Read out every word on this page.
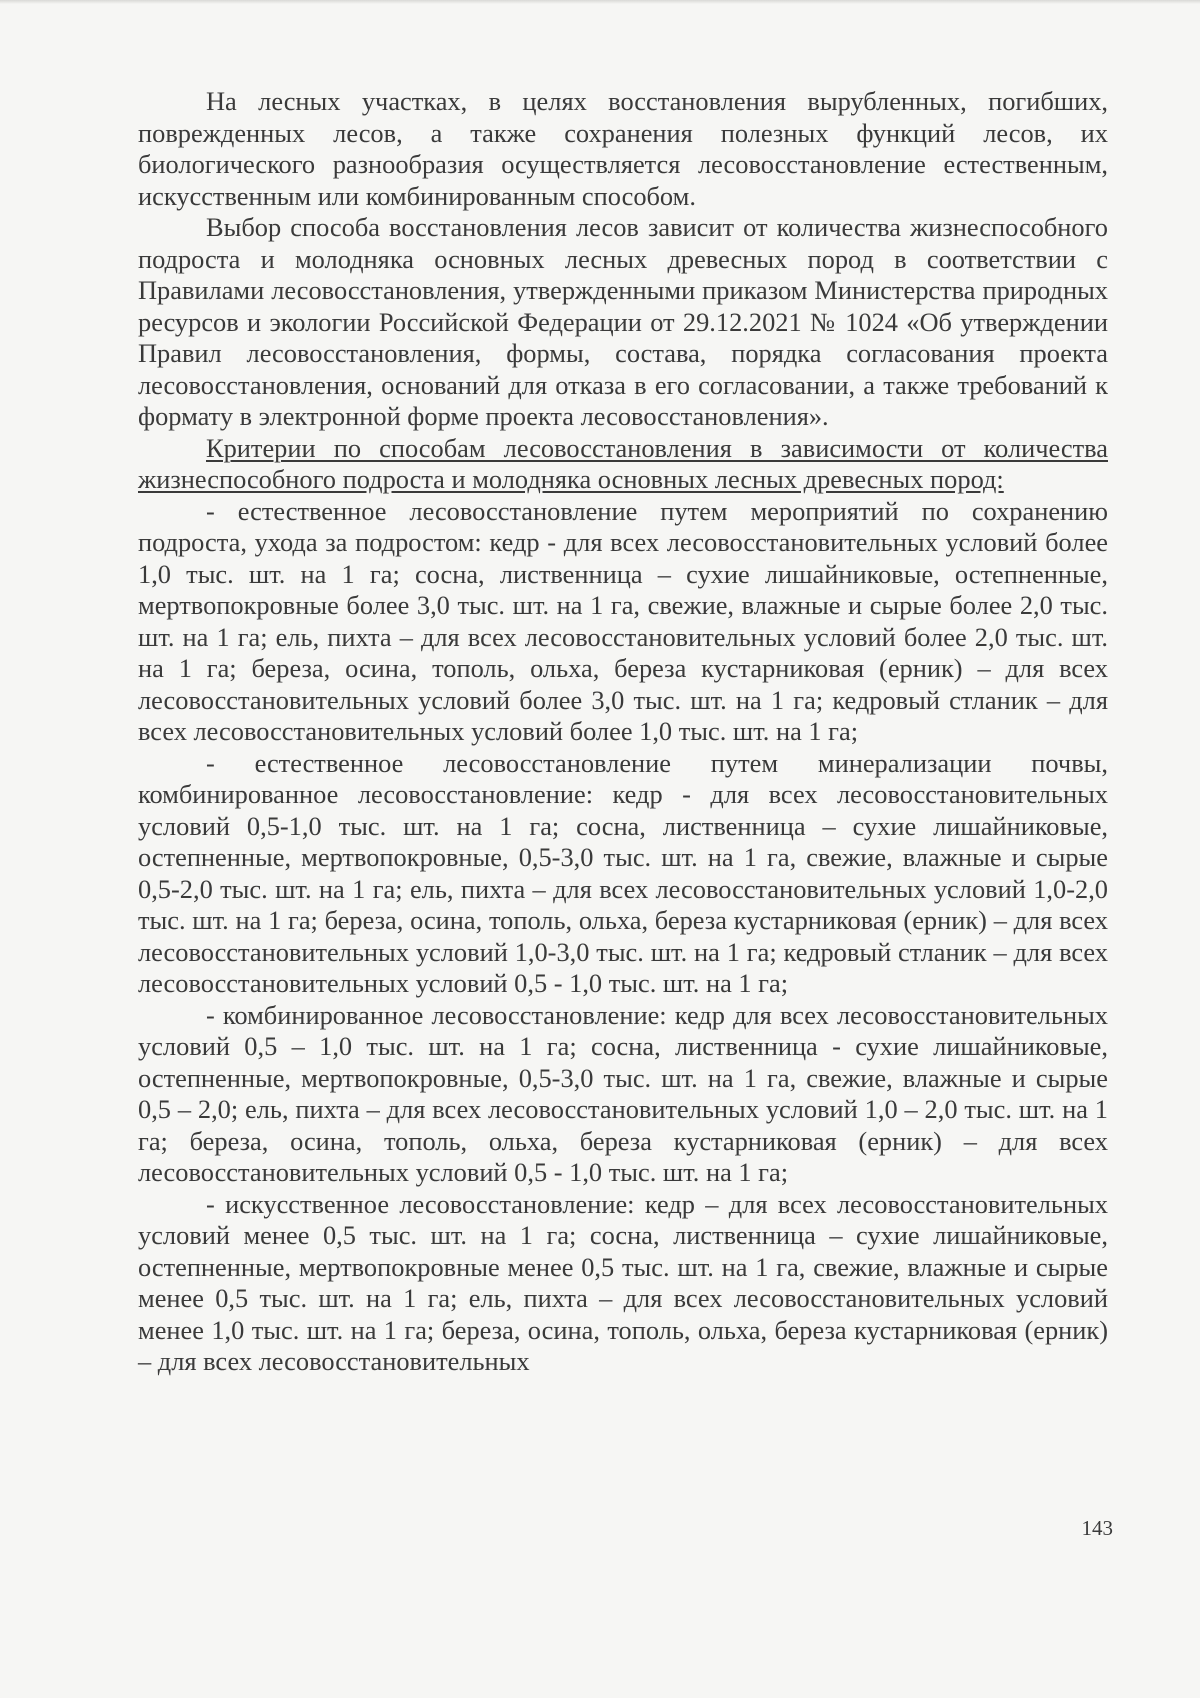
На лесных участках, в целях восстановления вырубленных, погибших, поврежденных лесов, а также сохранения полезных функций лесов, их биологического разнообразия осуществляется лесовосстановление естественным, искусственным или комбинированным способом.

Выбор способа восстановления лесов зависит от количества жизнеспособного подроста и молодняка основных лесных древесных пород в соответствии с Правилами лесовосстановления, утвержденными приказом Министерства природных ресурсов и экологии Российской Федерации от 29.12.2021 № 1024 «Об утверждении Правил лесовосстановления, формы, состава, порядка согласования проекта лесовосстановления, оснований для отказа в его согласовании, а также требований к формату в электронной форме проекта лесовосстановления».

Критерии по способам лесовосстановления в зависимости от количества жизнеспособного подроста и молодняка основных лесных древесных пород:

- естественное лесовосстановление путем мероприятий по сохранению подроста, ухода за подростом: кедр - для всех лесовосстановительных условий более 1,0 тыс. шт. на 1 га; сосна, лиственница – сухие лишайниковые, остепненные, мертвопокровные более 3,0 тыс. шт. на 1 га, свежие, влажные и сырые более 2,0 тыс. шт. на 1 га; ель, пихта – для всех лесовосстановительных условий более 2,0 тыс. шт. на 1 га; береза, осина, тополь, ольха, береза кустарниковая (ерник) – для всех лесовосстановительных условий более 3,0 тыс. шт. на 1 га; кедровый стланик – для всех лесовосстановительных условий более 1,0 тыс. шт. на 1 га;

- естественное лесовосстановление путем минерализации почвы, комбинированное лесовосстановление: кедр - для всех лесовосстановительных условий 0,5-1,0 тыс. шт. на 1 га; сосна, лиственница – сухие лишайниковые, остепненные, мертвопокровные, 0,5-3,0 тыс. шт. на 1 га, свежие, влажные и сырые 0,5-2,0 тыс. шт. на 1 га; ель, пихта – для всех лесовосстановительных условий 1,0-2,0 тыс. шт. на 1 га; береза, осина, тополь, ольха, береза кустарниковая (ерник) – для всех лесовосстановительных условий 1,0-3,0 тыс. шт. на 1 га; кедровый стланик – для всех лесовосстановительных условий 0,5 - 1,0 тыс. шт. на 1 га;

- комбинированное лесовосстановление: кедр для всех лесовосстановительных условий 0,5 – 1,0 тыс. шт. на 1 га; сосна, лиственница - сухие лишайниковые, остепненные, мертвопокровные, 0,5-3,0 тыс. шт. на 1 га, свежие, влажные и сырые 0,5 – 2,0; ель, пихта – для всех лесовосстановительных условий 1,0 – 2,0 тыс. шт. на 1 га; береза, осина, тополь, ольха, береза кустарниковая (ерник) – для всех лесовосстановительных условий 0,5 - 1,0 тыс. шт. на 1 га;

- искусственное лесовосстановление: кедр – для всех лесовосстановительных условий менее 0,5 тыс. шт. на 1 га; сосна, лиственница – сухие лишайниковые, остепненные, мертвопокровные менее 0,5 тыс. шт. на 1 га, свежие, влажные и сырые менее 0,5 тыс. шт. на 1 га; ель, пихта – для всех лесовосстановительных условий менее 1,0 тыс. шт. на 1 га; береза, осина, тополь, ольха, береза кустарниковая (ерник) – для всех лесовосстановительных

143
